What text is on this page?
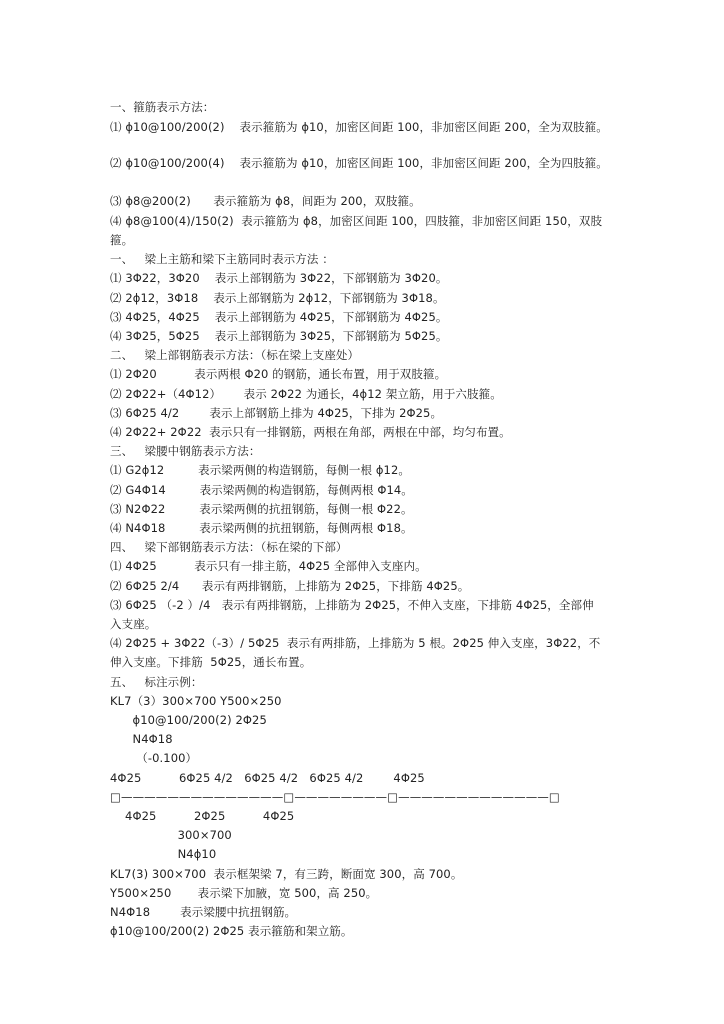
一、箍筋表示方法：
⑴ ϕ10@100/200(2)    表示箍筋为 ϕ10，加密区间距 100，非加密区间距 200，全为双肢箍。
⑵ ϕ10@100/200(4)    表示箍筋为 ϕ10，加密区间距 100，非加密区间距 200，全为四肢箍。
⑶ ϕ8@200(2)      表示箍筋为 ϕ8，间距为 200，双肢箍。
⑷ ϕ8@100(4)/150(2)  表示箍筋为 ϕ8，加密区间距 100，四肢箍，非加密区间距 150，双肢
箍。
一、   梁上主筋和梁下主筋同时表示方法 ：
⑴ 3Φ22，3Φ20    表示上部钢筋为 3Φ22，下部钢筋为 3Φ20。
⑵ 2ϕ12，3Φ18    表示上部钢筋为 2ϕ12，下部钢筋为 3Φ18。
⑶ 4Φ25，4Φ25    表示上部钢筋为 4Φ25，下部钢筋为 4Φ25。
⑷ 3Φ25，5Φ25    表示上部钢筋为 3Φ25，下部钢筋为 5Φ25。
二、   梁上部钢筋表示方法：（标在梁上支座处）
⑴ 2Φ20          表示两根 Φ20 的钢筋，通长布置，用于双肢箍。
⑵ 2Φ22+（4Φ12）      表示 2Φ22 为通长，4ϕ12 架立筋，用于六肢箍。
⑶ 6Φ25 4/2        表示上部钢筋上排为 4Φ25，下排为 2Φ25。
⑷ 2Φ22+ 2Φ22  表示只有一排钢筋，两根在角部，两根在中部，均匀布置。
三、   梁腰中钢筋表示方法：
⑴ G2ϕ12         表示梁两侧的构造钢筋，每侧一根 ϕ12。
⑵ G4Φ14         表示梁两侧的构造钢筋，每侧两根 Φ14。
⑶ N2Φ22         表示梁两侧的抗扭钢筋，每侧一根 Φ22。
⑷ N4Φ18         表示梁两侧的抗扭钢筋，每侧两根 Φ18。
四、   梁下部钢筋表示方法：（标在梁的下部）
⑴ 4Φ25          表示只有一排主筋，4Φ25 全部伸入支座内。
⑵ 6Φ25 2/4      表示有两排钢筋，上排筋为 2Φ25，下排筋 4Φ25。
⑶ 6Φ25 （-2 ）/4   表示有两排钢筋，上排筋为 2Φ25，不伸入支座，下排筋 4Φ25，全部伸
入支座。
⑷ 2Φ25 + 3Φ22（-3）/ 5Φ25  表示有两排筋，上排筋为 5 根。2Φ25 伸入支座，3Φ22，不
伸入支座。下排筋  5Φ25，通长布置。
五、   标注示例：
KL7（3）300×700 Y500×250
ϕ10@100/200(2) 2Φ25
N4Φ18
（-0.100）
4Φ25          6Φ25 4/2   6Φ25 4/2   6Φ25 4/2        4Φ25
□——————————————□————————□—————————————□
4Φ25          2Φ25          4Φ25
300×700
N4ϕ10
KL7(3) 300×700  表示框架梁 7，有三跨，断面宽 300，高 700。
Y500×250       表示梁下加腋，宽 500，高 250。
N4Φ18        表示梁腰中抗扭钢筋。
ϕ10@100/200(2) 2Φ25 表示箍筋和架立筋。
